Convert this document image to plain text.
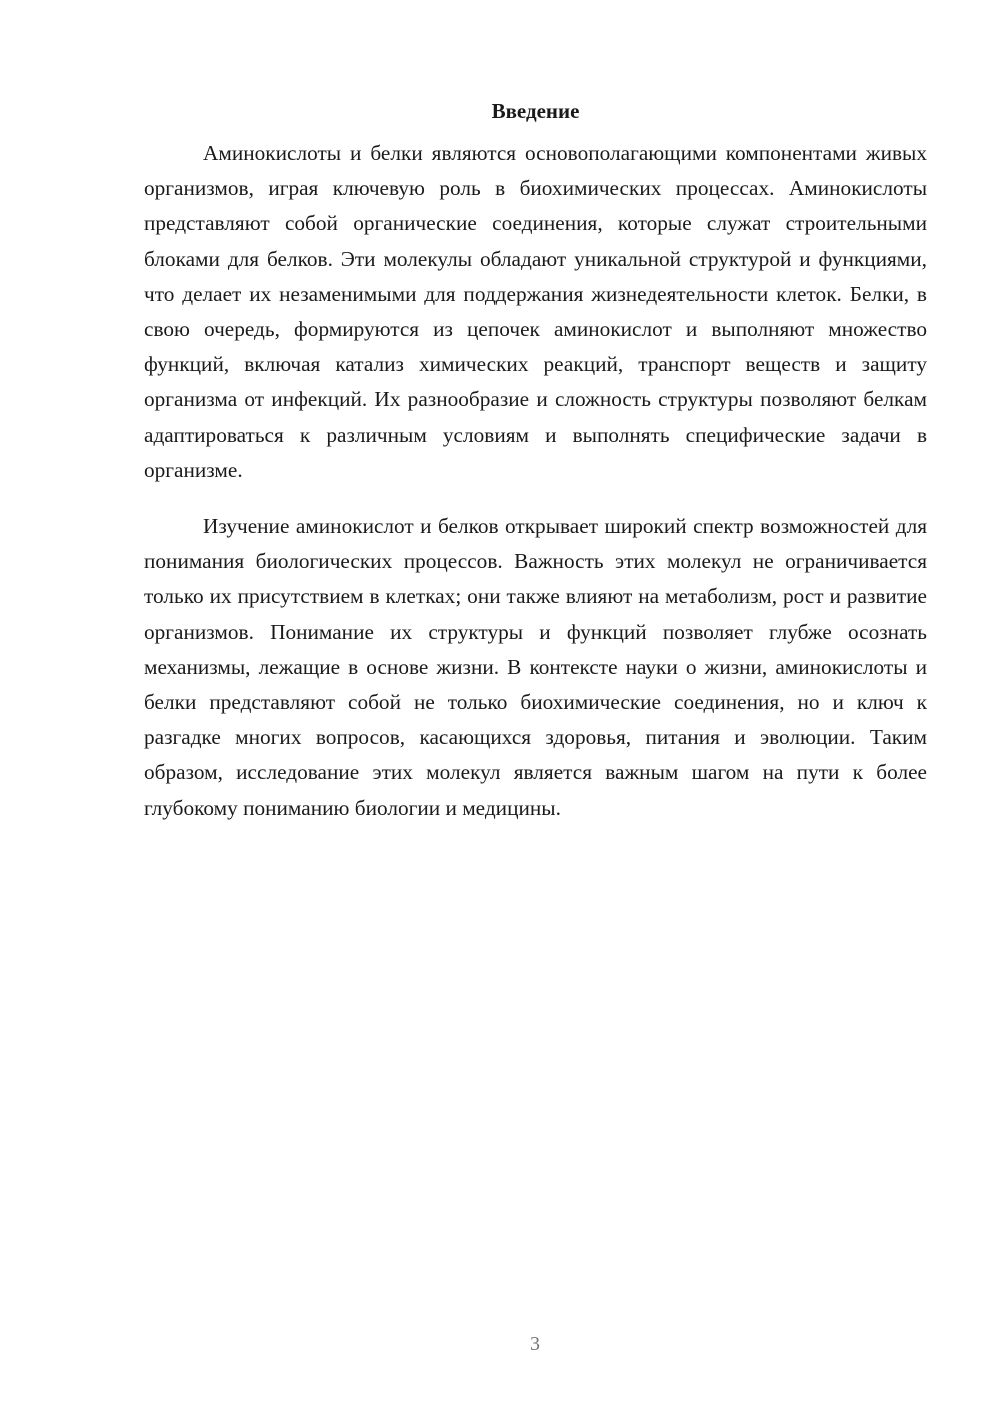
Введение

Аминокислоты и белки являются основополагающими компонентами живых организмов, играя ключевую роль в биохимических процессах. Аминокислоты представляют собой органические соединения, которые служат строительными блоками для белков. Эти молекулы обладают уникальной структурой и функциями, что делает их незаменимыми для поддержания жизнедеятельности клеток. Белки, в свою очередь, формируются из цепочек аминокислот и выполняют множество функций, включая катализ химических реакций, транспорт веществ и защиту организма от инфекций. Их разнообразие и сложность структуры позволяют белкам адаптироваться к различным условиям и выполнять специфические задачи в организме.

Изучение аминокислот и белков открывает широкий спектр возможностей для понимания биологических процессов. Важность этих молекул не ограничивается только их присутствием в клетках; они также влияют на метаболизм, рост и развитие организмов. Понимание их структуры и функций позволяет глубже осознать механизмы, лежащие в основе жизни. В контексте науки о жизни, аминокислоты и белки представляют собой не только биохимические соединения, но и ключ к разгадке многих вопросов, касающихся здоровья, питания и эволюции. Таким образом, исследование этих молекул является важным шагом на пути к более глубокому пониманию биологии и медицины.

3
